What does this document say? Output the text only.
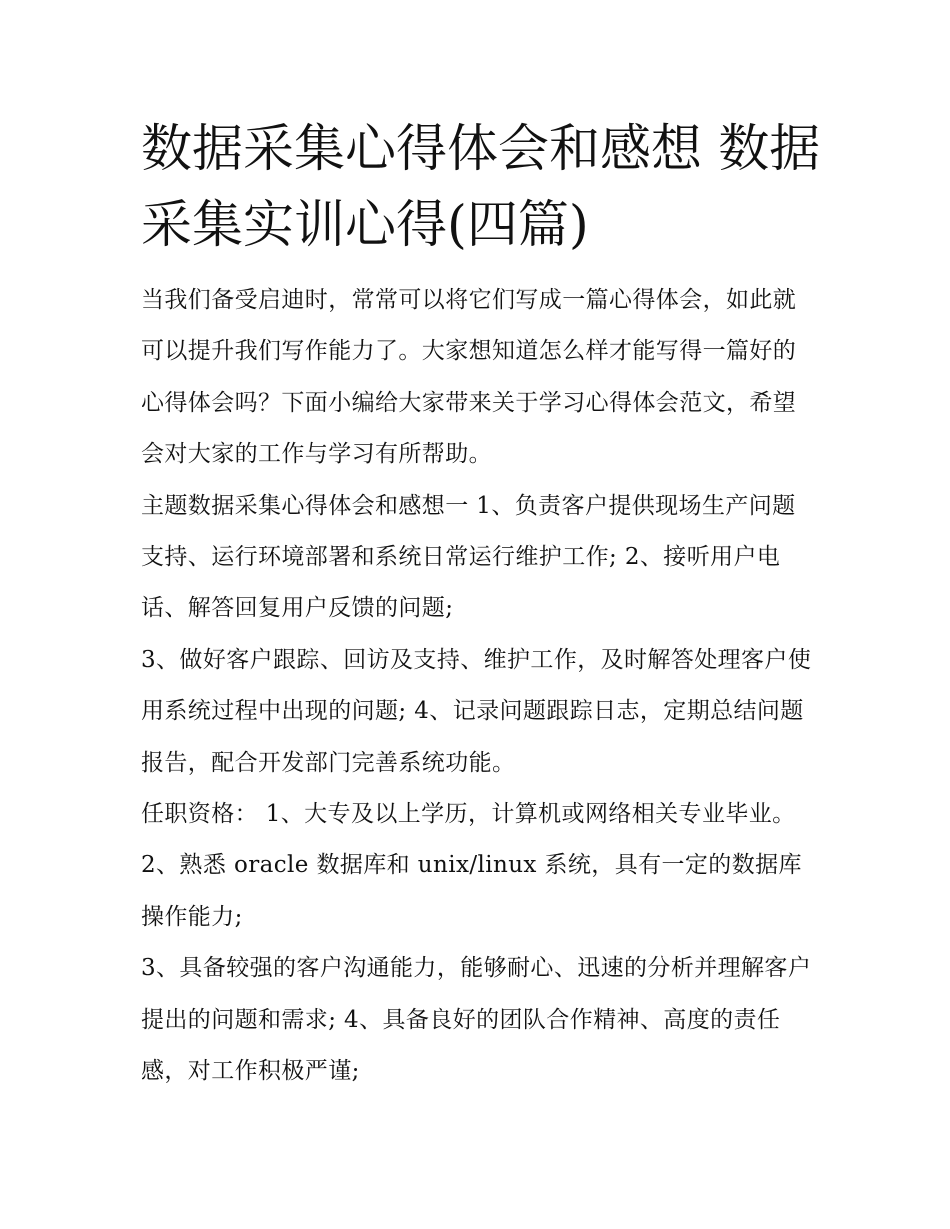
数据采集心得体会和感想 数据采集实训心得(四篇)

当我们备受启迪时，常常可以将它们写成一篇心得体会，如此就可以提升我们写作能力了。大家想知道怎么样才能写得一篇好的心得体会吗？下面小编给大家带来关于学习心得体会范文，希望会对大家的工作与学习有所帮助。

主题数据采集心得体会和感想一 1、负责客户提供现场生产问题支持、运行环境部署和系统日常运行维护工作; 2、接听用户电话、解答回复用户反馈的问题;

3、做好客户跟踪、回访及支持、维护工作，及时解答处理客户使用系统过程中出现的问题; 4、记录问题跟踪日志，定期总结问题报告，配合开发部门完善系统功能。

任职资格： 1、大专及以上学历，计算机或网络相关专业毕业。 2、熟悉 oracle 数据库和 unix/linux 系统，具有一定的数据库操作能力;

3、具备较强的客户沟通能力，能够耐心、迅速的分析并理解客户提出的问题和需求; 4、具备良好的团队合作精神、高度的责任感，对工作积极严谨;
